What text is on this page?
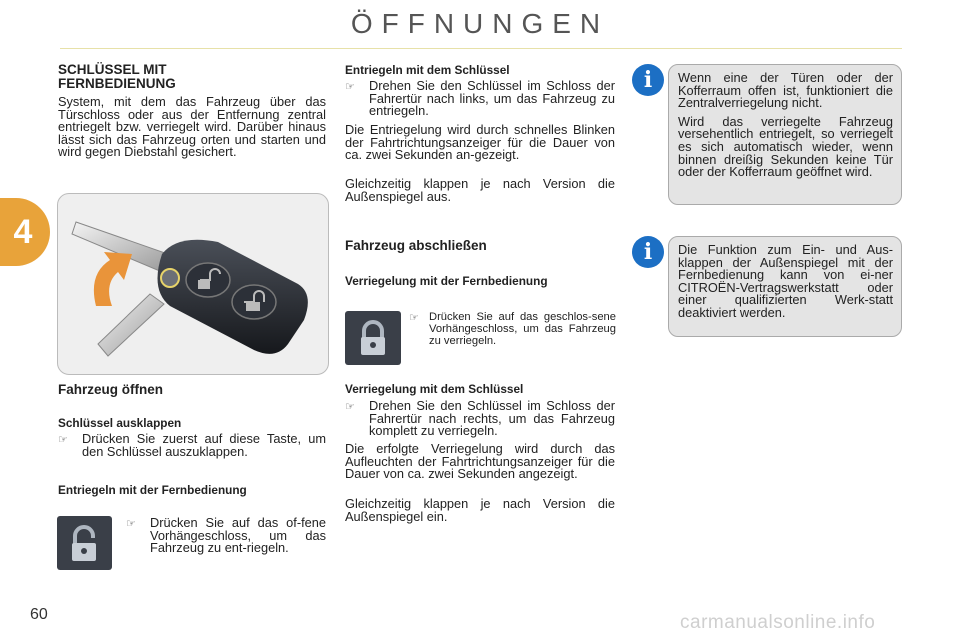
ÖFFNUNGEN
4
SCHLÜSSEL MIT
FERNBEDIENUNG

System, mit dem das Fahrzeug über das Türschloss oder aus der Entfernung zentral entriegelt bzw. verriegelt wird. Darüber hinaus lässt sich das Fahrzeug orten und starten und wird gegen Diebstahl gesichert.

Fahrzeug öffnen
Schlüssel ausklappen
☞	Drücken Sie zuerst auf diese Taste, um den Schlüssel auszuklappen.
Entriegeln mit der Fernbedienung
☞	Drücken Sie auf das of-fene Vorhängeschloss, um das Fahrzeug zu ent-riegeln.
Entriegeln mit dem Schlüssel
☞	Drehen Sie den Schlüssel im Schloss der Fahrertür nach links, um das Fahrzeug zu entriegeln.

Die Entriegelung wird durch schnelles Blinken der Fahrtrichtungsanzeiger für die Dauer von ca. zwei Sekunden an-gezeigt.

Gleichzeitig klappen je nach Version die Außenspiegel aus.

Fahrzeug abschließen
Verriegelung mit der Fernbedienung
☞ Drücken Sie auf das geschlos-sene Vorhängeschloss, um das Fahrzeug zu verriegeln.
Verriegelung mit dem Schlüssel
☞	Drehen Sie den Schlüssel im Schloss der Fahrertür nach rechts, um das Fahrzeug komplett zu verriegeln.

Die erfolgte Verriegelung wird durch das Aufleuchten der Fahrtrichtungsanzeiger für die Dauer von ca. zwei Sekunden angezeigt.

Gleichzeitig klappen je nach Version die Außenspiegel ein.

i	Wenn eine der Türen oder der Kofferraum offen ist, funktioniert die Zentralverriegelung nicht.

Wird das verriegelte Fahrzeug versehentlich entriegelt, so verriegelt es sich automatisch wieder, wenn binnen dreißig Sekunden keine Tür oder der Kofferraum geöffnet wird.

i	Die Funktion zum Ein- und Aus-klappen der Außenspiegel mit der Fernbedienung kann von ei-ner CITROËN-Vertragswerkstatt oder einer qualifizierten Werk-statt deaktiviert werden.

60	carmanualsonline.info
